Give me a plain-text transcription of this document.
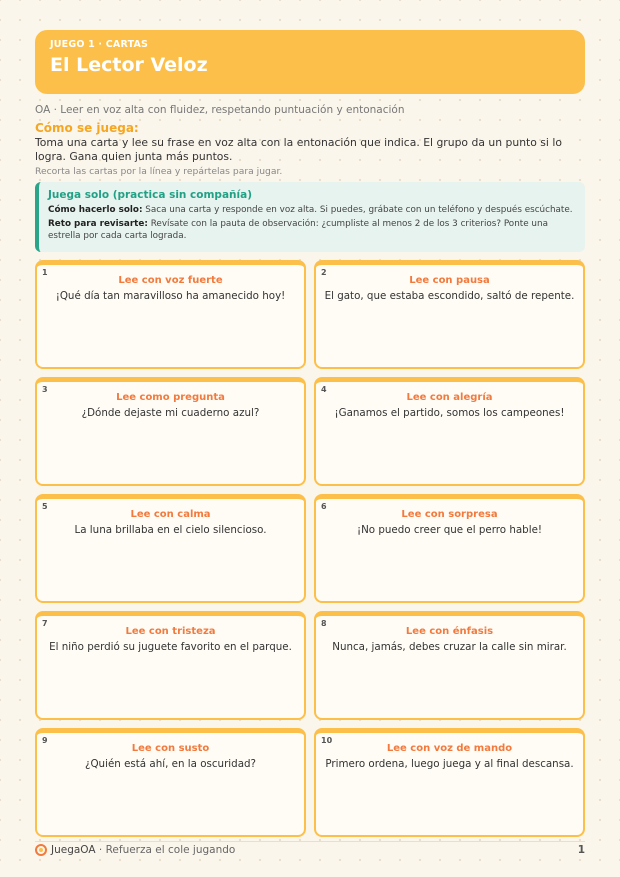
JUEGO 1 · CARTAS
El Lector Veloz
OA · Leer en voz alta con fluidez, respetando puntuación y entonación
Cómo se juega:
Toma una carta y lee su frase en voz alta con la entonación que indica. El grupo da un punto si lo logra. Gana quien junta más puntos.
Recorta las cartas por la línea y repártelas para jugar.
Juega solo (practica sin compañía)
Cómo hacerlo solo: Saca una carta y responde en voz alta. Si puedes, grábate con un teléfono y después escúchate.
Reto para revisarte: Revísate con la pauta de observación: ¿cumpliste al menos 2 de los 3 criterios? Ponte una estrella por cada carta lograda.
1
Lee con voz fuerte
¡Qué día tan maravilloso ha amanecido hoy!
2
Lee con pausa
El gato, que estaba escondido, saltó de repente.
3
Lee como pregunta
¿Dónde dejaste mi cuaderno azul?
4
Lee con alegría
¡Ganamos el partido, somos los campeones!
5
Lee con calma
La luna brillaba en el cielo silencioso.
6
Lee con sorpresa
¡No puedo creer que el perro hable!
7
Lee con tristeza
El niño perdió su juguete favorito en el parque.
8
Lee con énfasis
Nunca, jamás, debes cruzar la calle sin mirar.
9
Lee con susto
¿Quién está ahí, en la oscuridad?
10
Lee con voz de mando
Primero ordena, luego juega y al final descansa.
JuegaOA · Refuerza el cole jugando	1
